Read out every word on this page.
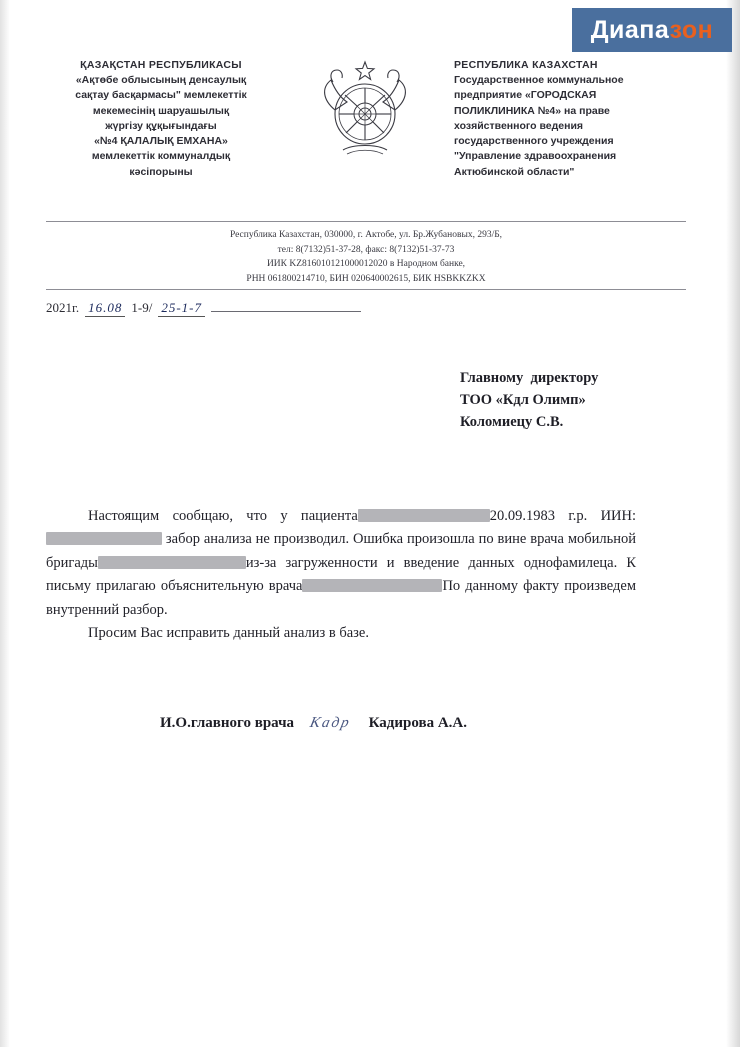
Диапазон
ҚАЗАҚСТАН РЕСПУБЛИКАСЫ
«Ақтөбе облысының денсаулық
сақтау басқармасы" мемлекеттік
мекемесінің шаруашылық
жүргізу құқығындағы
«№4 ҚАЛАЛЫҚ ЕМХАНА»
мемлекеттік коммуналдық
кәсіпорыны
РЕСПУБЛИКА КАЗАХСТАН
Государственное коммунальное
предприятие «ГОРОДСКАЯ
ПОЛИКЛИНИКА №4» на праве
хозяйственного ведения
государственного учреждения
"Управление здравоохранения
Актюбинской области"
Республика Казахстан, 030000, г. Актобе, ул. Бр.Жубановых, 293/Б,
тел: 8(7132)51-37-28, факс: 8(7132)51-37-73
ИИК KZ816010121000012020 в Народном банке,
РНН 061800214710, БИН 020640002615, БИК HSBKKZKX
2021г. 16.08 1-9/ 25-1-7
Главному  директору
ТОО «Кдл Олимп»
Коломиецу С.В.

Настоящим сообщаю, что у пациента	20.09.1983 г.р. ИИН: забор анализа не производил. Ошибка произошла по вине врача мобильной бригады	из-за загруженности и введение данных однофамилеца. К письму прилагаю объяснительную врача	По данному факту произведем внутренний разбор.

Просим Вас исправить данный анализ в базе.

И.О.главного врача Кадр Кадирова А.А.
